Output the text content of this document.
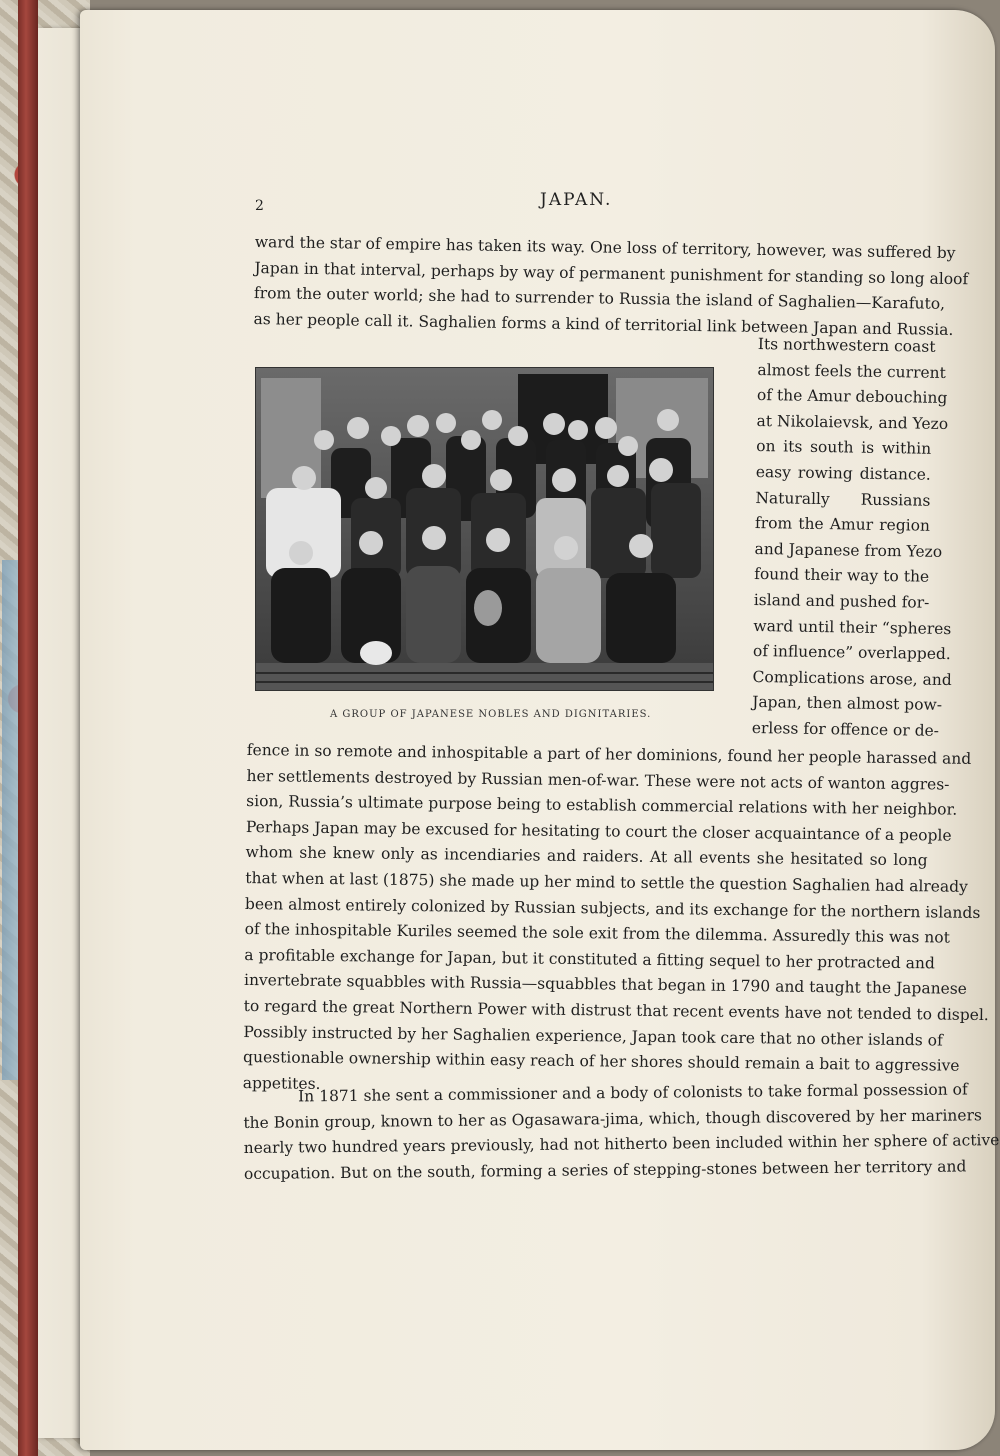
2	JAPAN.
ward the star of empire has taken its way. One loss of territory, however, was suffered by
Japan in that interval, perhaps by way of permanent punishment for standing so long aloof
from the outer world; she had to surrender to Russia the island of Saghalien—Karafuto,
as her people call it. Saghalien forms a kind of territorial link between Japan and Russia.
A GROUP OF JAPANESE NOBLES AND DIGNITARIES.
Its northwestern coast
almost feels the current
of the Amur debouching
at Nikolaievsk, and Yezo
on its south is within
easy rowing distance.
Naturally Russians
from the Amur region
and Japanese from Yezo
found their way to the
island and pushed for-
ward until their “spheres
of influence” overlapped.
Complications arose, and
Japan, then almost pow-
erless for offence or de-
fence in so remote and inhospitable a part of her dominions, found her people harassed and
her settlements destroyed by Russian men-of-war. These were not acts of wanton aggres-
sion, Russia’s ultimate purpose being to establish commercial relations with her neighbor.
Perhaps Japan may be excused for hesitating to court the closer acquaintance of a people
whom she knew only as incendiaries and raiders. At all events she hesitated so long
that when at last (1875) she made up her mind to settle the question Saghalien had already
been almost entirely colonized by Russian subjects, and its exchange for the northern islands
of the inhospitable Kuriles seemed the sole exit from the dilemma. Assuredly this was not
a profitable exchange for Japan, but it constituted a fitting sequel to her protracted and
invertebrate squabbles with Russia—squabbles that began in 1790 and taught the Japanese
to regard the great Northern Power with distrust that recent events have not tended to dispel.
Possibly instructed by her Saghalien experience, Japan took care that no other islands of
questionable ownership within easy reach of her shores should remain a bait to aggressive
appetites.
In 1871 she sent a commissioner and a body of colonists to take formal possession of
the Bonin group, known to her as Ogasawara-jima, which, though discovered by her mariners
nearly two hundred years previously, had not hitherto been included within her sphere of active
occupation. But on the south, forming a series of stepping-stones between her territory and
